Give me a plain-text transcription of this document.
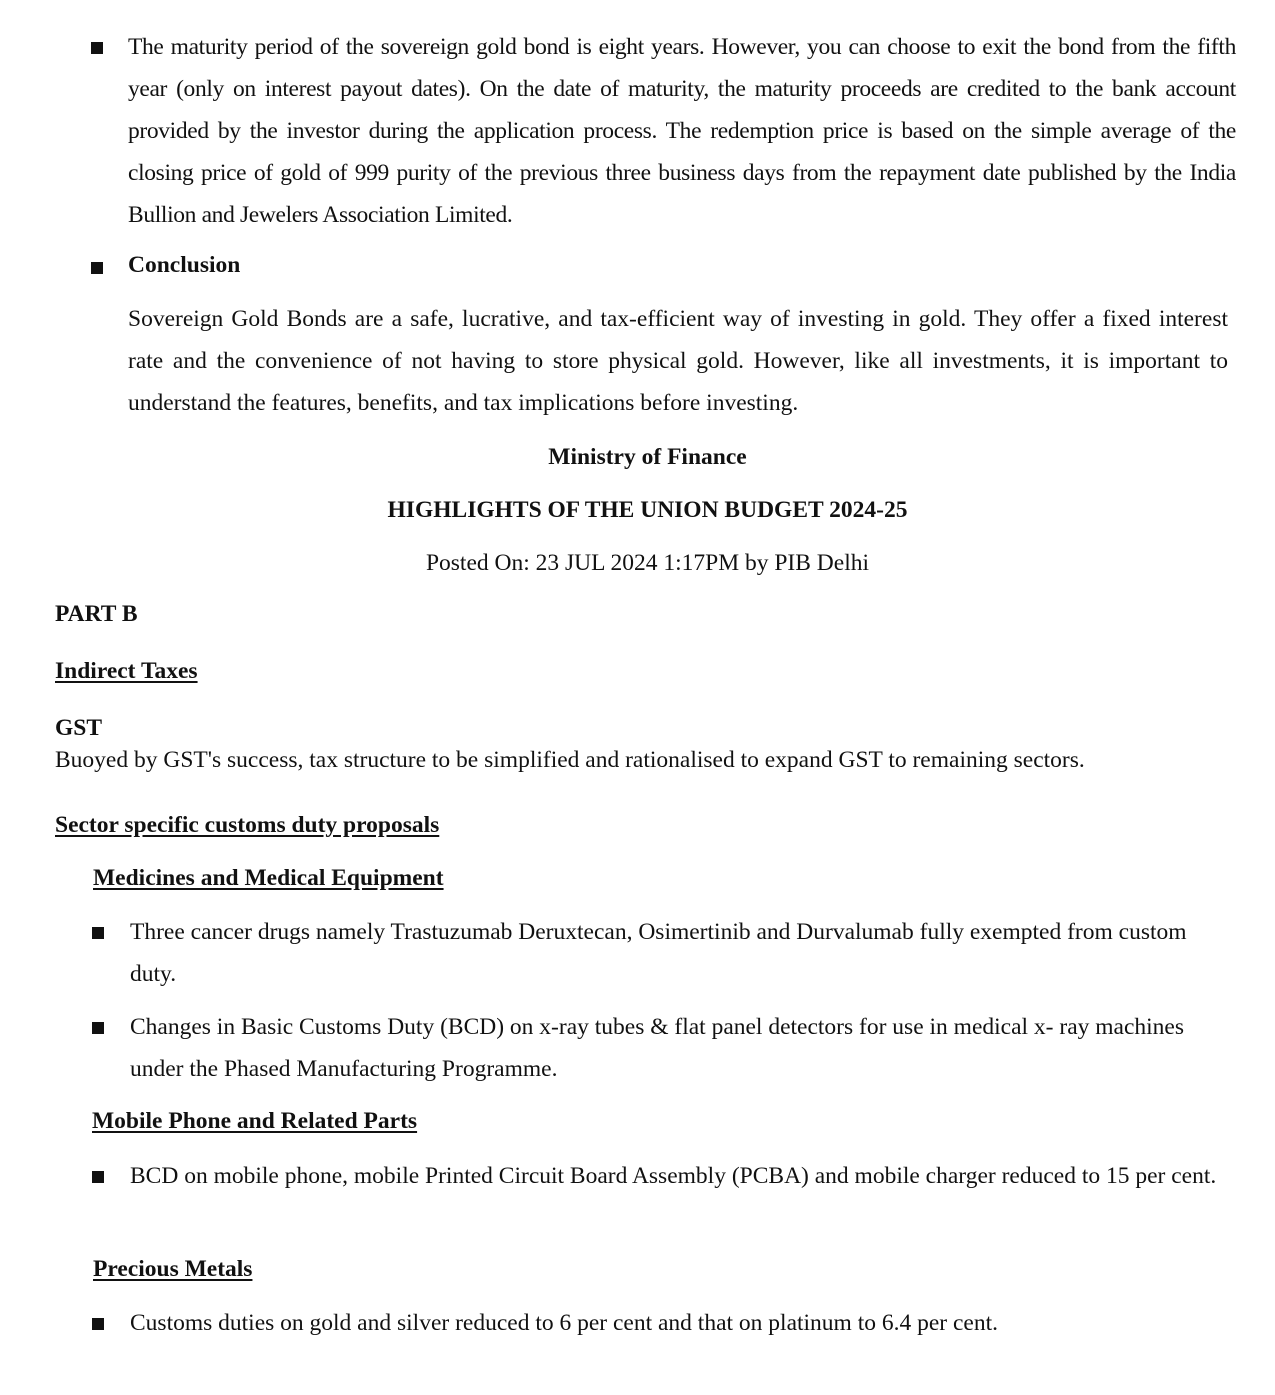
The maturity period of the sovereign gold bond is eight years. However, you can choose to exit the bond from the fifth year (only on interest payout dates). On the date of maturity, the maturity proceeds are credited to the bank account provided by the investor during the application process. The redemption price is based on the simple average of the closing price of gold of 999 purity of the previous three business days from the repayment date published by the India Bullion and Jewelers Association Limited.

Conclusion

Sovereign Gold Bonds are a safe, lucrative, and tax-efficient way of investing in gold. They offer a fixed interest rate and the convenience of not having to store physical gold. However, like all investments, it is important to understand the features, benefits, and tax implications before investing.

Ministry of Finance

HIGHLIGHTS OF THE UNION BUDGET 2024-25

Posted On: 23 JUL 2024 1:17PM by PIB Delhi

PART B

Indirect Taxes

GST

Buoyed by GST's success, tax structure to be simplified and rationalised to expand GST to remaining sectors.

Sector specific customs duty proposals

Medicines and Medical Equipment

Three cancer drugs namely Trastuzumab Deruxtecan, Osimertinib and Durvalumab fully exempted from custom duty.

Changes in Basic Customs Duty (BCD) on x-ray tubes & flat panel detectors for use in medical x- ray machines under the Phased Manufacturing Programme.

Mobile Phone and Related Parts

BCD on mobile phone, mobile Printed Circuit Board Assembly (PCBA) and mobile charger reduced to 15 per cent.

Precious Metals

Customs duties on gold and silver reduced to 6 per cent and that on platinum to 6.4 per cent.
